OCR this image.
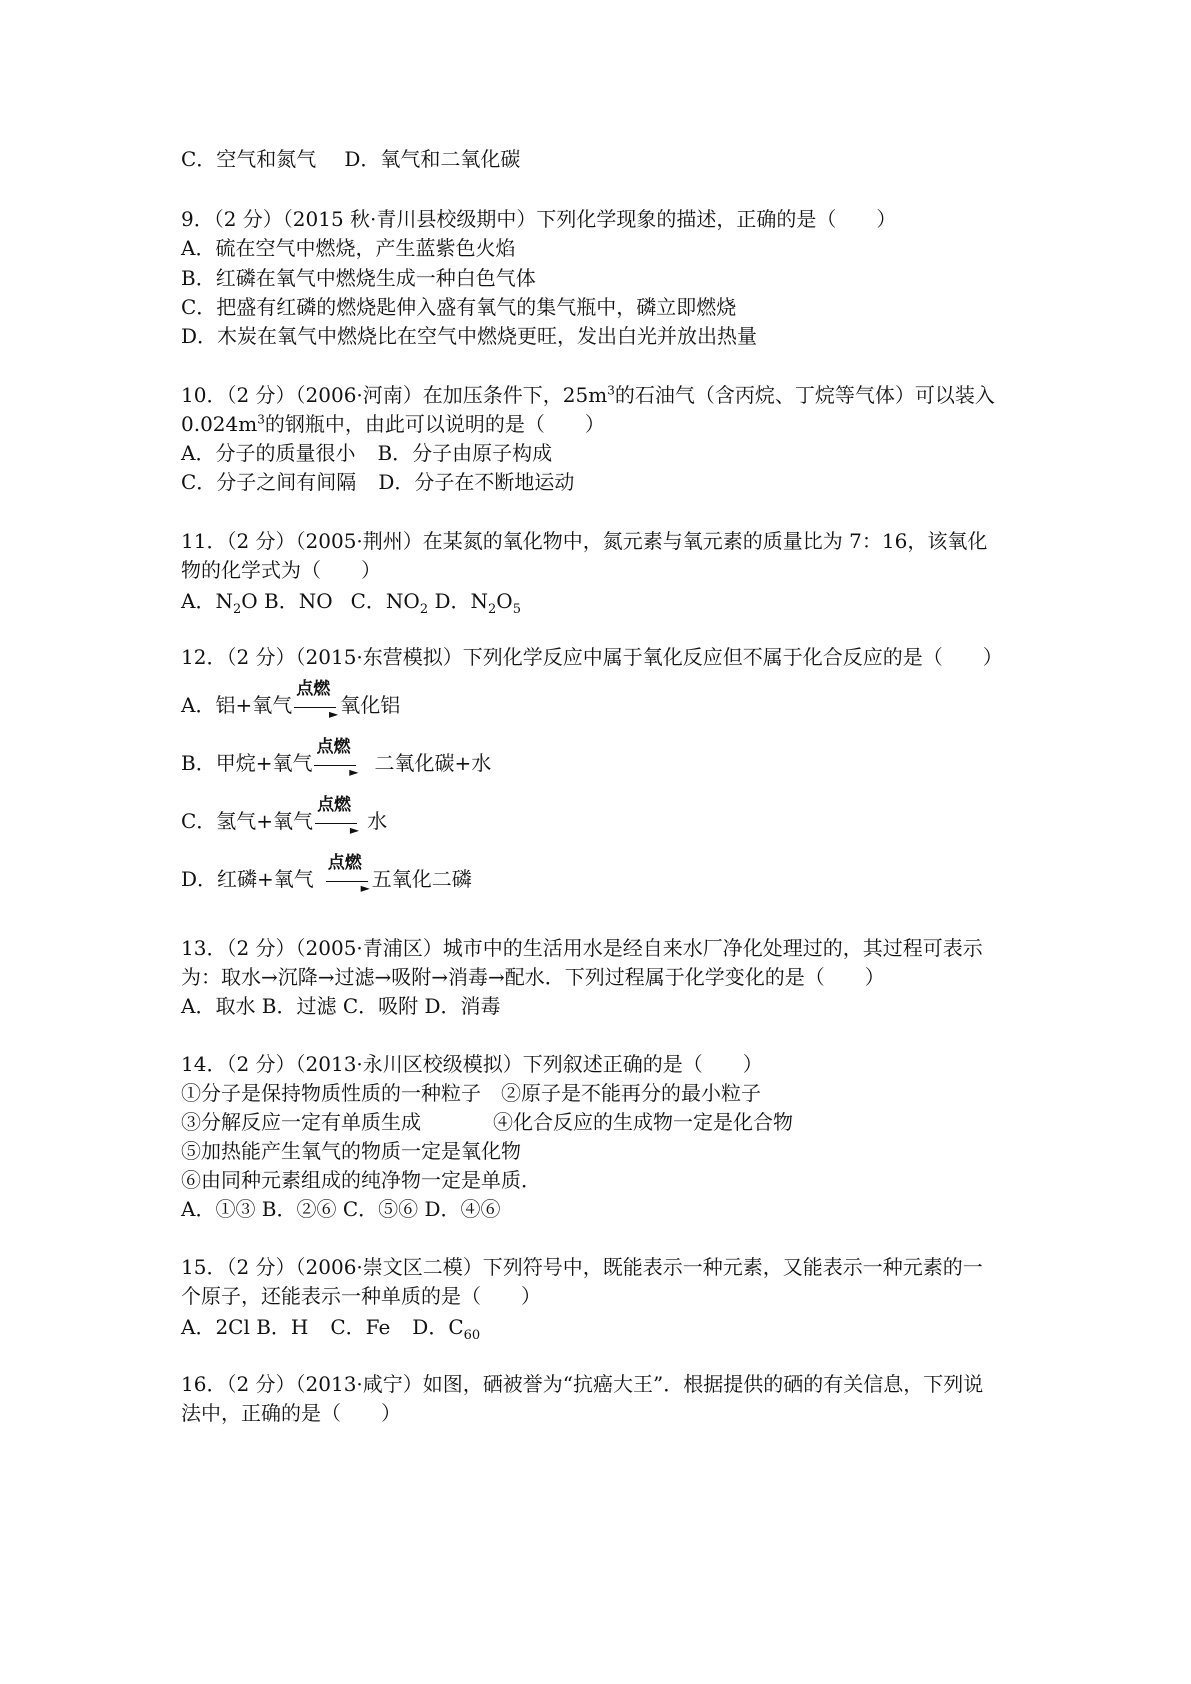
C．空气和氮气 D．氧气和二氧化碳
9．（2 分）（2015 秋·青川县校级期中）下列化学现象的描述，正确的是（　　）
A．硫在空气中燃烧，产生蓝紫色火焰
B．红磷在氧气中燃烧生成一种白色气体
C．把盛有红磷的燃烧匙伸入盛有氧气的集气瓶中，磷立即燃烧
D．木炭在氧气中燃烧比在空气中燃烧更旺，发出白光并放出热量
10．（2 分）（2006·河南）在加压条件下，$25m^3$的石油气（含丙烷、丁烷等气体）可以装入
$0.024m^3$的钢瓶中，由此可以说明的是（　　）
A．分子的质量很小 B．分子由原子构成
C．分子之间有间隔 D．分子在不断地运动
11．（2 分）（2005·荆州）在某氮的氧化物中，氮元素与氧元素的质量比为 7：16，该氧化
物的化学式为（　　）
A．$N_2O$ B．NO C．$NO_2$ D．$N_2O_5$
12．（2 分）（2015·东营模拟）下列化学反应中属于氧化反应但不属于化合反应的是（　　）
A．铝+氧气
点燃
► 氧化铝
B．甲烷+氧气
点燃
► 二氧化碳+水
C．氢气+氧气
点燃
► 水
D．红磷+氧气
点燃
► 五氧化二磷
13．（2 分）（2005·青浦区）城市中的生活用水是经自来水厂净化处理过的，其过程可表示
为：取水→沉降→过滤→吸附→消毒→配水．下列过程属于化学变化的是（　　）
A．取水 B．过滤 C．吸附 D．消毒
14．（2 分）（2013·永川区校级模拟）下列叙述正确的是（　　）
①分子是保持物质性质的一种粒子 ②原子是不能再分的最小粒子
③分解反应一定有单质生成	④化合反应的生成物一定是化合物
⑤加热能产生氧气的物质一定是氧化物
⑥由同种元素组成的纯净物一定是单质．
A．①③ B．②⑥ C．⑤⑥ D．④⑥
15．（2 分）（2006·崇文区二模）下列符号中，既能表示一种元素，又能表示一种元素的一
个原子，还能表示一种单质的是（　　）
A．2Cl B．H C．Fe D．$C_{60}$
16．（2 分）（2013·咸宁）如图，硒被誉为“抗癌大王”．根据提供的硒的有关信息，下列说
法中，正确的是（　　）
